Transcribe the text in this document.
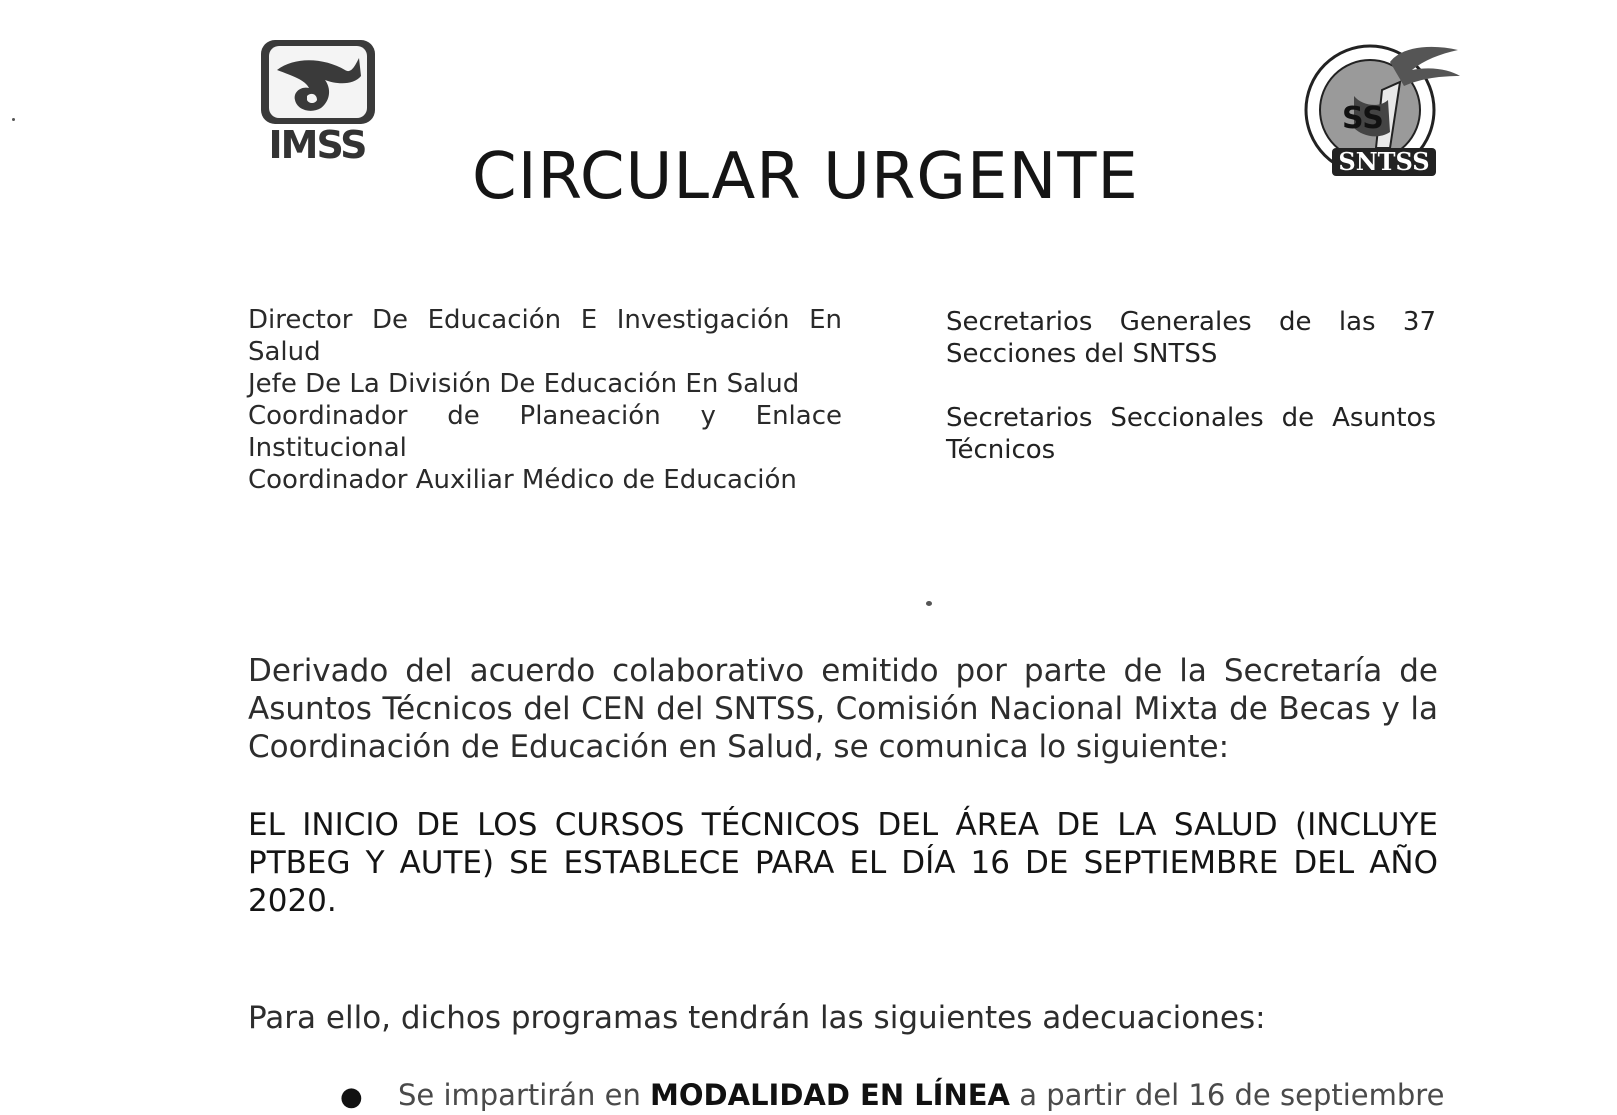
IMSS
SS
SNTSS
CIRCULAR URGENTE
Director De Educación E Investigación En Salud
Jefe De La División De Educación En Salud
Coordinador de Planeación y Enlace Institucional
Coordinador Auxiliar Médico de Educación
Secretarios Generales de las 37 Secciones del SNTSS
Secretarios Seccionales de Asuntos Técnicos

Derivado del acuerdo colaborativo emitido por parte de la Secretaría de Asuntos Técnicos del CEN del SNTSS, Comisión Nacional Mixta de Becas y la Coordinación de Educación en Salud, se comunica lo siguiente:

EL INICIO DE LOS CURSOS TÉCNICOS DEL ÁREA DE LA SALUD (INCLUYE PTBEG Y AUTE) SE ESTABLECE PARA EL DÍA 16 DE SEPTIEMBRE DEL AÑO 2020.

Para ello, dichos programas tendrán las siguientes adecuaciones:

● Se impartirán en MODALIDAD EN LÍNEA a partir del 16 de septiembre
